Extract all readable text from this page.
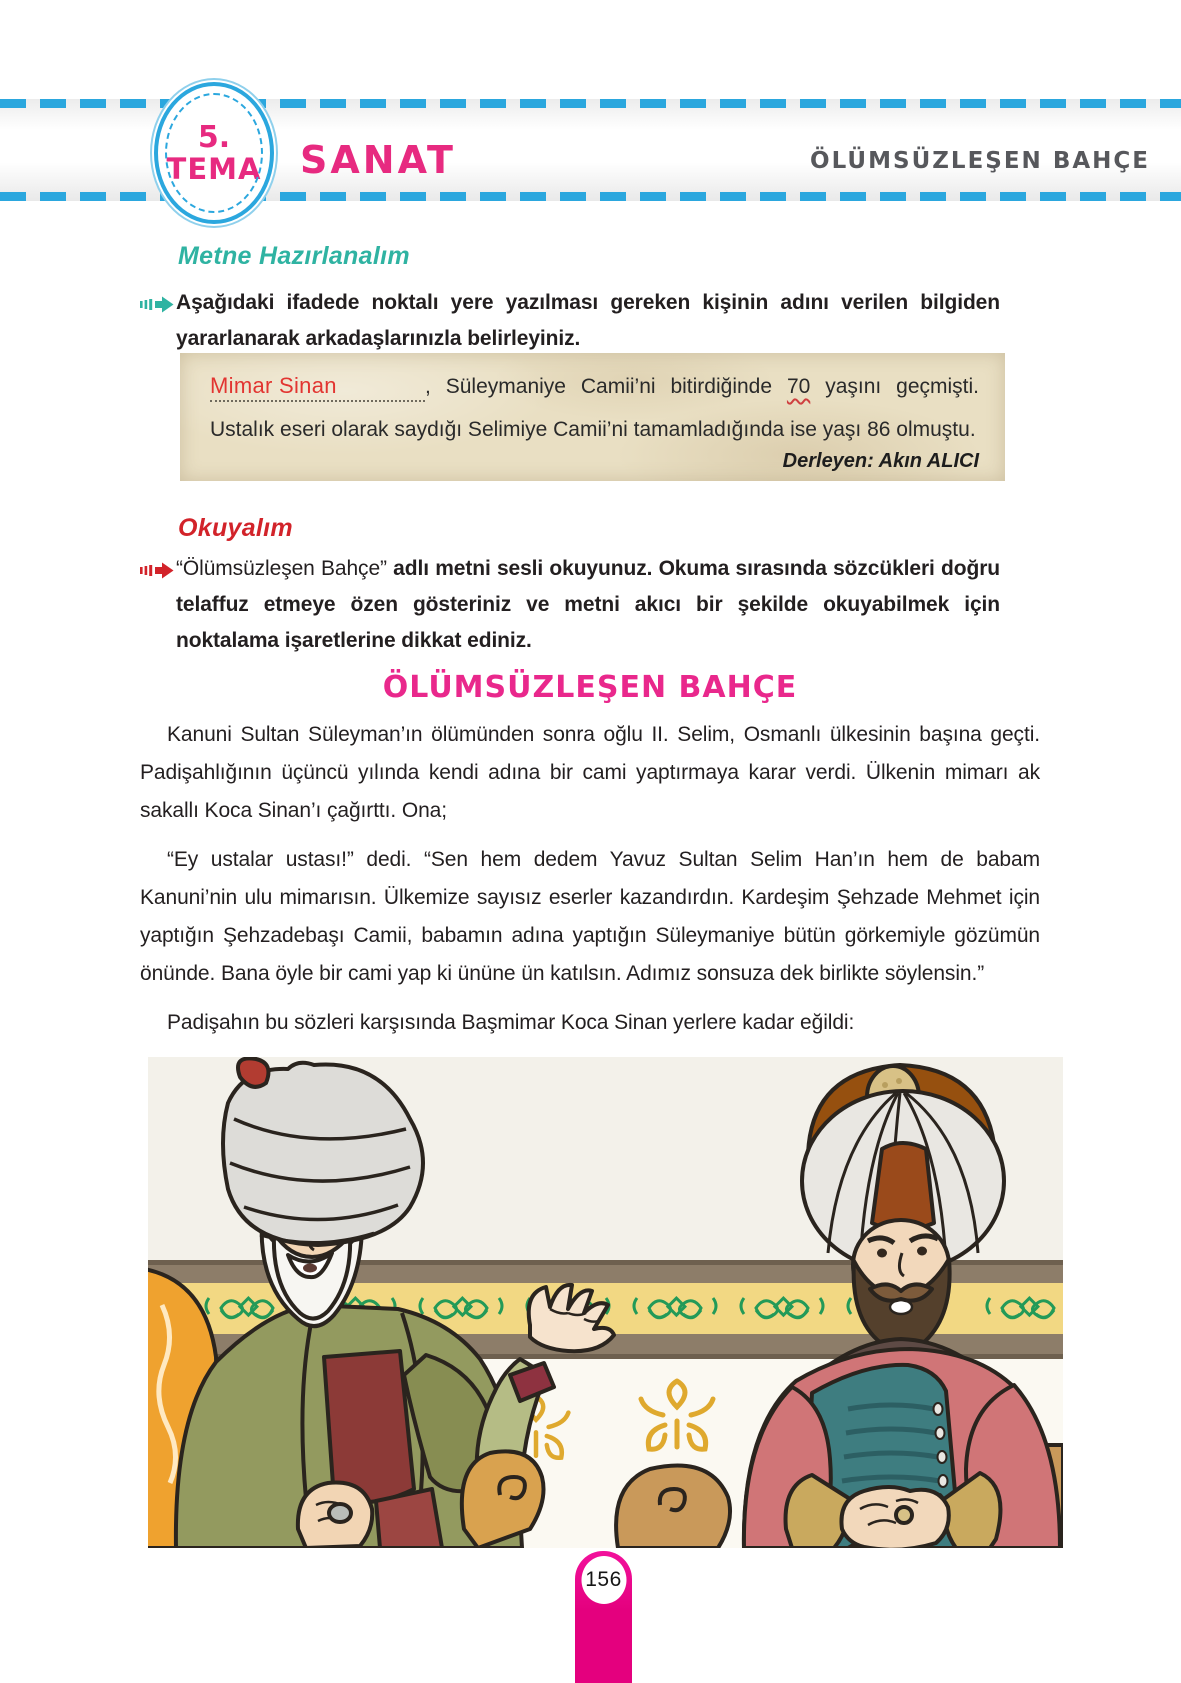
5.
TEMA SANAT	ÖLÜMSÜZLEŞEN BAHÇE
Metne Hazırlanalım
Aşağıdaki ifadede noktalı yere yazılması gereken kişinin adını verilen bilgiden yararlanarak arkadaşlarınızla belirleyiniz.
Mimar Sinan	, Süleymaniye Camii’ni bitirdiğinde 70 yaşını geçmişti. Ustalık eseri olarak saydığı Selimiye Camii’ni tamamladığında ise yaşı 86 olmuştu.
Derleyen: Akın ALICI
Okuyalım
“Ölümsüzleşen Bahçe” adlı metni sesli okuyunuz. Okuma sırasında sözcükleri doğru telaffuz etmeye özen gösteriniz ve metni akıcı bir şekilde okuyabilmek için noktalama işaretlerine dikkat ediniz.
ÖLÜMSÜZLEŞEN BAHÇE

Kanuni Sultan Süleyman’ın ölümünden sonra oğlu II. Selim, Osmanlı ülkesinin başına geçti. Padişahlığının üçüncü yılında kendi adına bir cami yaptırmaya karar verdi. Ülkenin mimarı ak sakallı Koca Sinan’ı çağırttı. Ona;

“Ey ustalar ustası!” dedi. “Sen hem dedem Yavuz Sultan Selim Han’ın hem de babam Kanuni’nin ulu mimarısın. Ülkemize sayısız eserler kazandırdın. Kardeşim Şehzade Mehmet için yaptığın Şehzadebaşı Camii, babamın adına yaptığın Süleymaniye bütün görkemiyle gözümün önünde. Bana öyle bir cami yap ki ününe ün katılsın. Adımız sonsuza dek birlikte söylensin.”

Padişahın bu sözleri karşısında Başmimar Koca Sinan yerlere kadar eğildi:

156
